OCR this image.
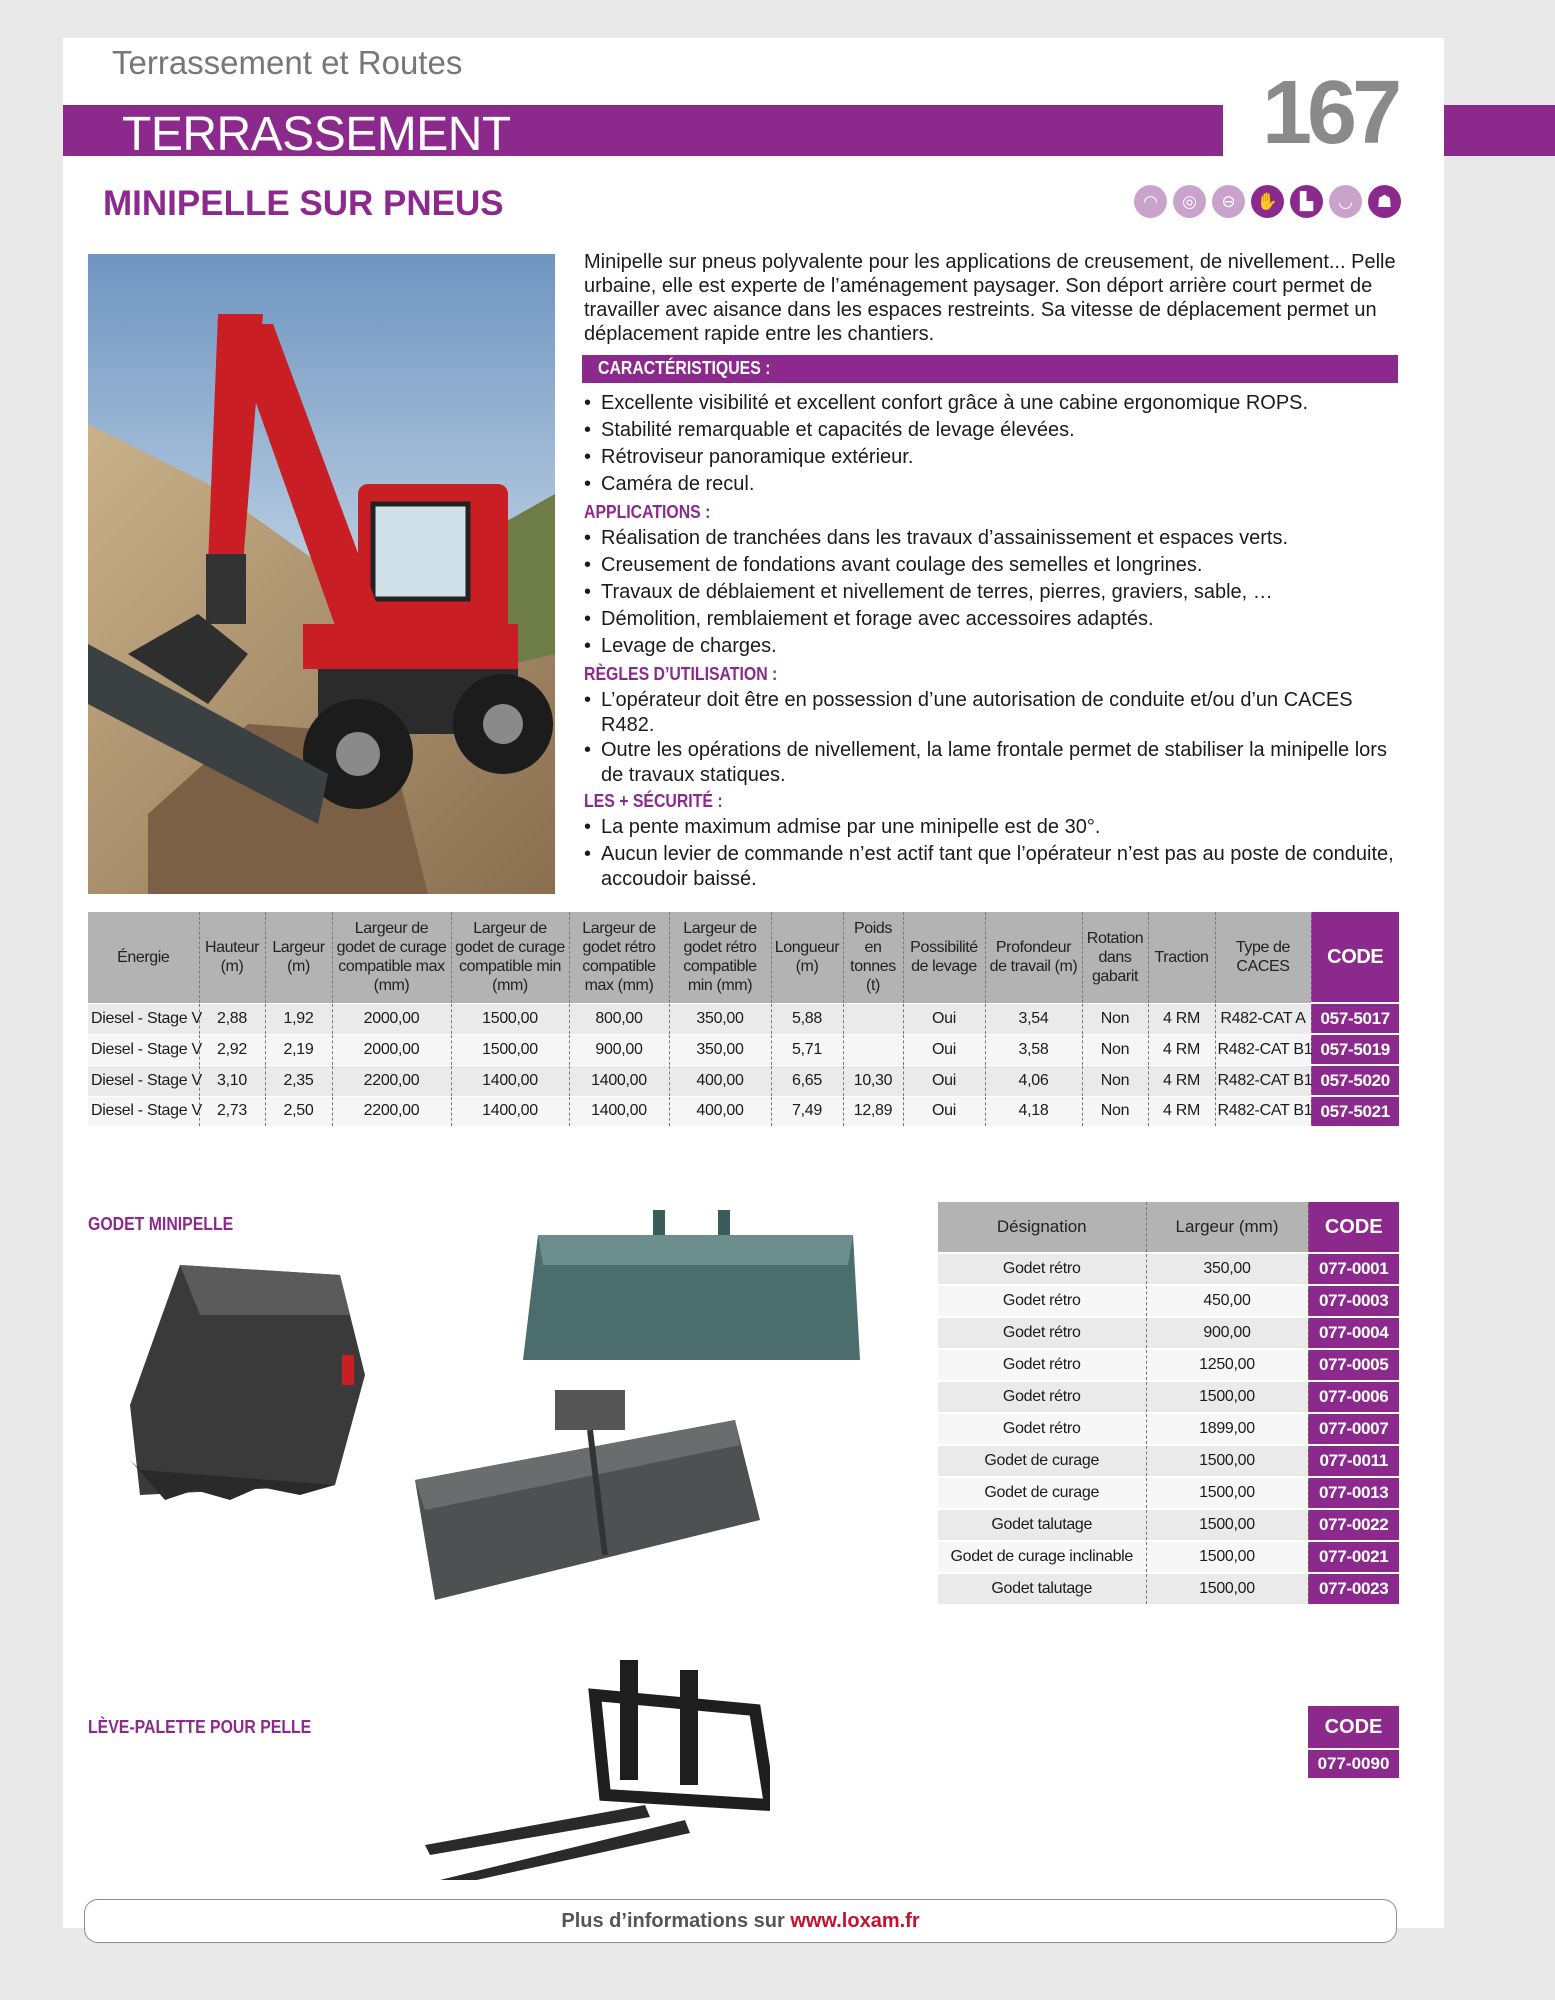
Terrassement et Routes
TERRASSEMENT	167
MINIPELLE SUR PNEUS	◠	◎	⊖	✋	▙	◡	☗
Minipelle sur pneus polyvalente pour les applications de creusement, de nivellement... Pelle urbaine, elle est experte de l’aménagement paysager. Son déport arrière court permet de travailler avec aisance dans les espaces restreints. Sa vitesse de déplacement permet un déplacement rapide entre les chantiers.
CARACTÉRISTIQUES :
• Excellente visibilité et excellent confort grâce à une cabine ergonomique ROPS.
• Stabilité remarquable et capacités de levage élevées.
• Rétroviseur panoramique extérieur.
• Caméra de recul.
APPLICATIONS :
• Réalisation de tranchées dans les travaux d’assainissement et espaces verts.
• Creusement de fondations avant coulage des semelles et longrines.
• Travaux de déblaiement et nivellement de terres, pierres, graviers, sable, …
• Démolition, remblaiement et forage avec accessoires adaptés.
• Levage de charges.
RÈGLES D’UTILISATION :
• L’opérateur doit être en possession d’une autorisation de conduite et/ou d’un CACES R482.
• Outre les opérations de nivellement, la lame frontale permet de stabiliser la minipelle lors de travaux statiques.
LES + SÉCURITÉ :
• La pente maximum admise par une minipelle est de 30°.
• Aucun levier de commande n’est actif tant que l’opérateur n’est pas au poste de conduite, accoudoir baissé.
Énergie	Hauteur (m)	Largeur (m)	Largeur de godet de curage compatible max (mm)	Largeur de godet de curage compatible min (mm)	Largeur de godet rétro compatible max (mm)	Largeur de godet rétro compatible min (mm)	Longueur (m)	Poids en tonnes (t)	Possibilité de levage	Profondeur de travail (m)	Rotation dans gabarit	Traction	Type de CACES	CODE
Diesel - Stage V	2,88	1,92	2000,00	1500,00	800,00	350,00	5,88		Oui	3,54	Non	4 RM	R482-CAT A	057-5017
Diesel - Stage V	2,92	2,19	2000,00	1500,00	900,00	350,00	5,71		Oui	3,58	Non	4 RM	R482-CAT B1	057-5019
Diesel - Stage V	3,10	2,35	2200,00	1400,00	1400,00	400,00	6,65	10,30	Oui	4,06	Non	4 RM	R482-CAT B1	057-5020
Diesel - Stage V	2,73	2,50	2200,00	1400,00	1400,00	400,00	7,49	12,89	Oui	4,18	Non	4 RM	R482-CAT B1	057-5021
GODET MINIPELLE	Désignation	Largeur (mm)	CODE
Godet rétro	350,00	077-0001
Godet rétro	450,00	077-0003
Godet rétro	900,00	077-0004
Godet rétro	1250,00	077-0005
Godet rétro	1500,00	077-0006
Godet rétro	1899,00	077-0007
Godet de curage	1500,00	077-0011
Godet de curage	1500,00	077-0013
Godet talutage	1500,00	077-0022
Godet de curage inclinable	1500,00	077-0021
Godet talutage	1500,00	077-0023
LÈVE-PALETTE POUR PELLE	CODE
077-0090
Plus d’informations sur www.loxam.fr
